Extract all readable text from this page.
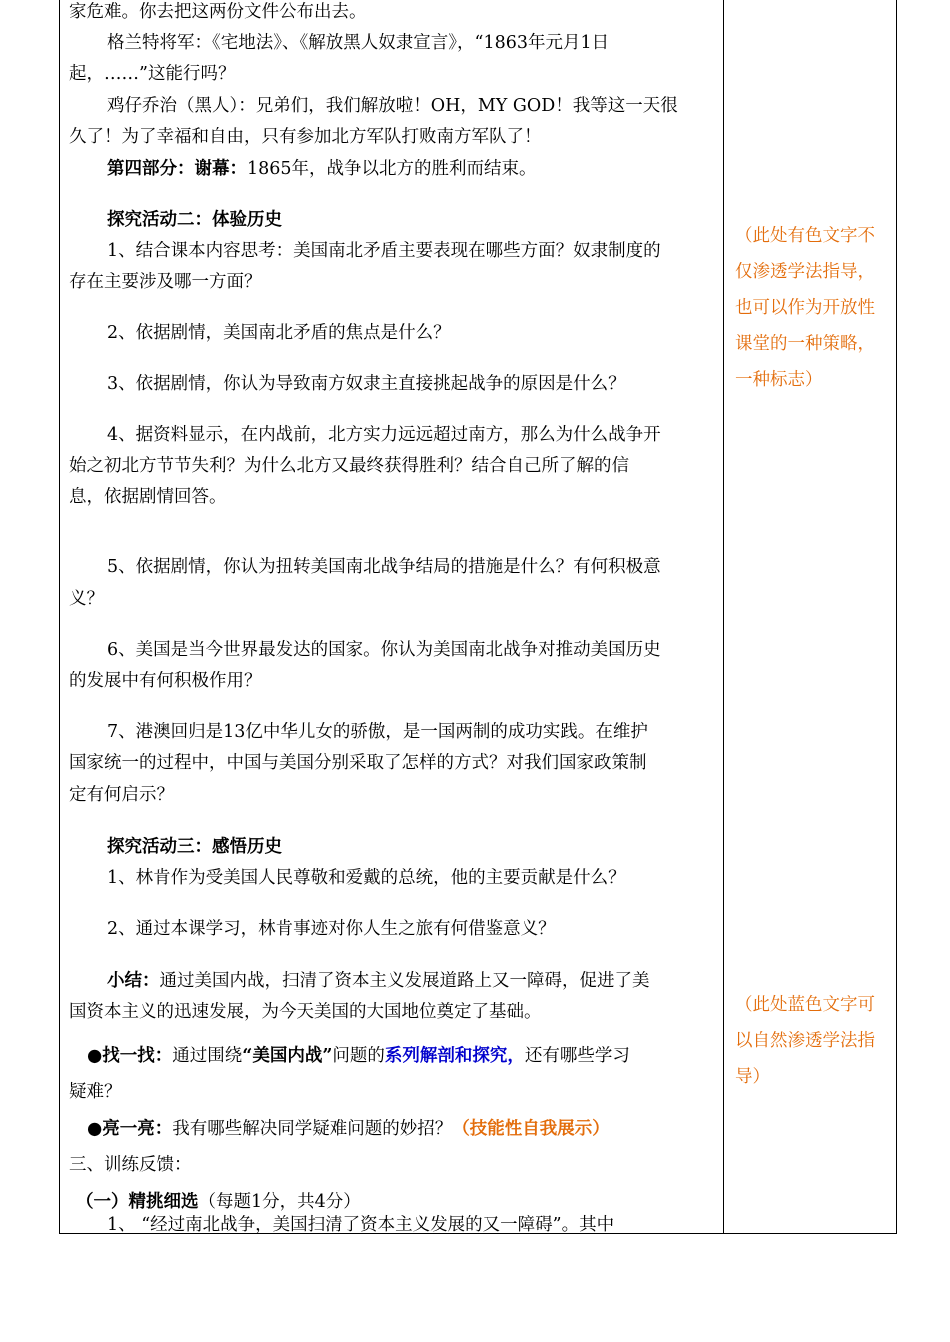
家危难。你去把这两份文件公布出去。
格兰特将军：《宅地法》、《解放黑人奴隶宣言》，“1863年元月1日
起，……”这能行吗？
鸡仔乔治（黑人）：兄弟们，我们解放啦！OH，MY GOD！我等这一天很
久了！为了幸福和自由，只有参加北方军队打败南方军队了！
第四部分：谢幕：1865年，战争以北方的胜利而结束。
探究活动二：体验历史
1、结合课本内容思考：美国南北矛盾主要表现在哪些方面？奴隶制度的
存在主要涉及哪一方面？
2、依据剧情，美国南北矛盾的焦点是什么？
3、依据剧情，你认为导致南方奴隶主直接挑起战争的原因是什么？
4、据资料显示，在内战前，北方实力远远超过南方，那么为什么战争开
始之初北方节节失利？为什么北方又最终获得胜利？结合自己所了解的信
息，依据剧情回答。
5、依据剧情，你认为扭转美国南北战争结局的措施是什么？有何积极意
义？
6、美国是当今世界最发达的国家。你认为美国南北战争对推动美国历史
的发展中有何积极作用？
7、港澳回归是13亿中华儿女的骄傲，是一国两制的成功实践。在维护
国家统一的过程中，中国与美国分别采取了怎样的方式？对我们国家政策制
定有何启示？
探究活动三：感悟历史
1、林肯作为受美国人民尊敬和爱戴的总统，他的主要贡献是什么？
2、通过本课学习，林肯事迹对你人生之旅有何借鉴意义？
小结：通过美国内战，扫清了资本主义发展道路上又一障碍，促进了美
国资本主义的迅速发展，为今天美国的大国地位奠定了基础。
●找一找：通过围绕“美国内战”问题的系列解剖和探究，还有哪些学习
疑难？
●亮一亮：我有哪些解决同学疑难问题的妙招？（技能性自我展示）
三、训练反馈：
（一）精挑细选（每题1分，共4分）
1、 “经过南北战争，美国扫清了资本主义发展的又一障碍”。其中
（此处有色文字不
仅渗透学法指导，
也可以作为开放性
课堂的一种策略，
一种标志）
（此处蓝色文字可
以自然渗透学法指
导）
